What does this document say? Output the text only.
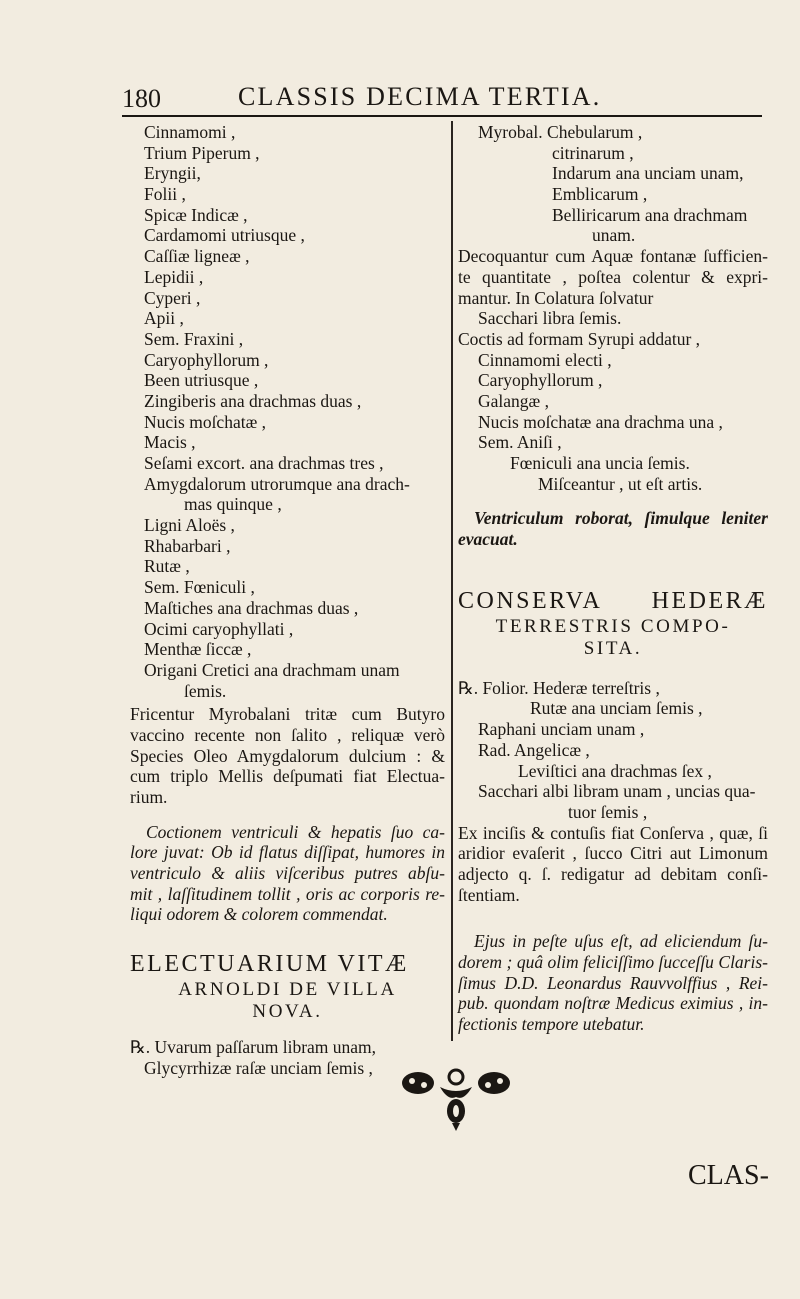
180	CLASSIS DECIMA TERTIA.
Cinnamomi ,
Trium Piperum ,
Eryngii,
Folii ,
Spicæ Indicæ ,
Cardamomi utriusque ,
Caſſiæ ligneæ ,
Lepidii ,
Cyperi ,
Apii ,
Sem. Fraxini ,
Caryophyllorum ,
Been utriusque ,
Zingiberis ana drachmas duas ,
Nucis moſchatæ ,
Macis ,
Seſami excort. ana drachmas tres ,
Amygdalorum utrorumque ana drach-
mas quinque ,
Ligni Aloës ,
Rhabarbari ,
Rutæ ,
Sem. Fœniculi ,
Maſtiches ana drachmas duas ,
Ocimi caryophyllati ,
Menthæ ſiccæ ,
Origani Cretici ana drachmam unam
ſemis.
Fricentur Myrobalani tritæ cum Butyro
vaccino recente non ſalito , reliquæ verò
Species Oleo Amygdalorum dulcium : &
cum triplo Mellis deſpumati fiat Electua-
rium.
Coctionem ventriculi & hepatis ſuo ca-
lore juvat: Ob id flatus diſſipat, humores in
ventriculo & aliis viſceribus putres abſu-
mit , laſſitudinem tollit , oris ac corporis re-
liqui odorem & colorem commendat.
ELECTUARIUM VITÆ
ARNOLDI DE VILLA
NOVA.
℞. Uvarum paſſarum libram unam,
Glycyrrhizæ raſæ unciam ſemis ,
Myrobal. Chebularum ,
citrinarum ,
Indarum ana unciam unam,
Emblicarum ,
Belliricarum ana drachmam
unam.
Decoquantur cum Aquæ fontanæ ſufficien-
te quantitate , poſtea colentur & expri-
mantur. In Colatura ſolvatur
Sacchari libra ſemis.
Coctis ad formam Syrupi addatur ,
Cinnamomi electi ,
Caryophyllorum ,
Galangæ ,
Nucis moſchatæ ana drachma una ,
Sem. Aniſi ,
Fœniculi ana uncia ſemis.
Miſceantur , ut eſt artis.
Ventriculum roborat, ſimulque leniter
evacuat.
CONSERVA HEDERÆ
TERRESTRIS COMPO-
SITA.
℞. Folior. Hederæ terreſtris ,
Rutæ ana unciam ſemis ,
Raphani unciam unam ,
Rad. Angelicæ ,
Leviſtici ana drachmas ſex ,
Sacchari albi libram unam , uncias qua-
tuor ſemis ,
Ex inciſis & contuſis fiat Conſerva , quæ, ſi
aridior evaſerit , ſucco Citri aut Limonum
adjecto q. ſ. redigatur ad debitam conſi-
ſtentiam.
Ejus in peſte uſus eſt, ad eliciendum ſu-
dorem ; quâ olim feliciſſimo ſucceſſu Claris-
ſimus D.D. Leonardus Rauvvolffius , Rei-
pub. quondam noſtræ Medicus eximius , in-
fectionis tempore utebatur.
CLAS-
